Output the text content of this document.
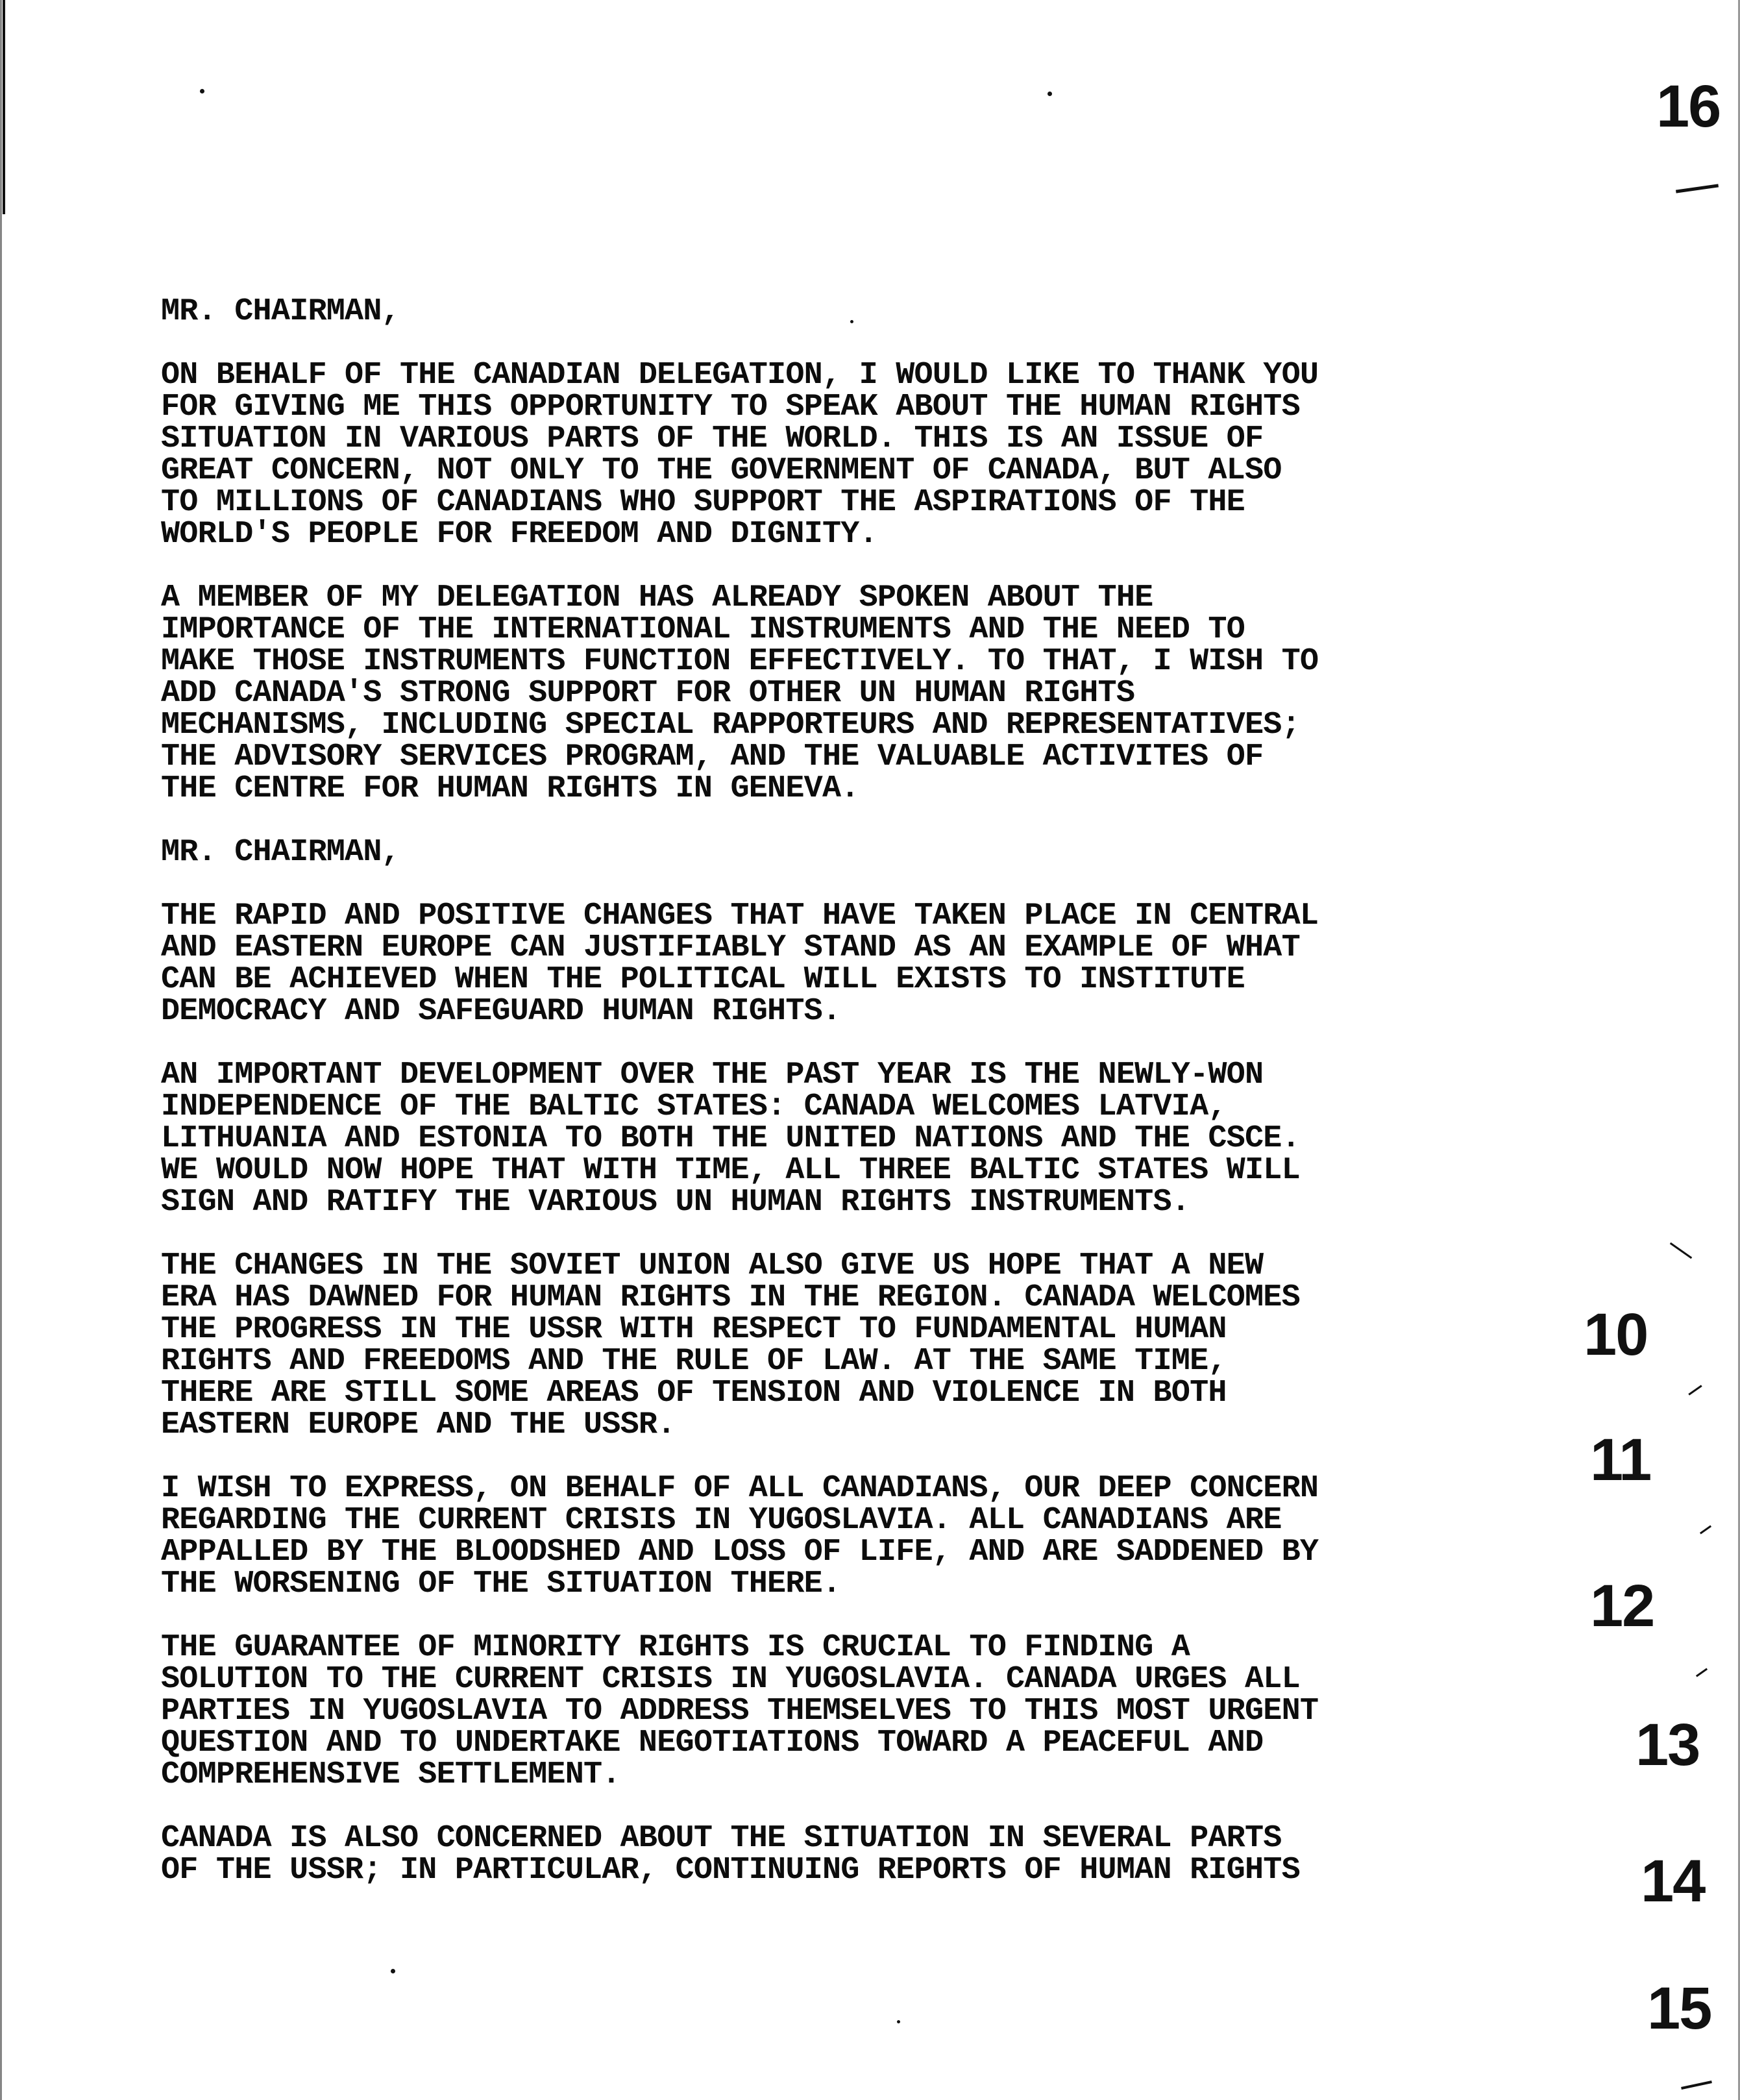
16
10
11
12
13
14
15

MR. CHAIRMAN,

ON BEHALF OF THE CANADIAN DELEGATION, I WOULD LIKE TO THANK YOU
FOR GIVING ME THIS OPPORTUNITY TO SPEAK ABOUT THE HUMAN RIGHTS
SITUATION IN VARIOUS PARTS OF THE WORLD. THIS IS AN ISSUE OF
GREAT CONCERN, NOT ONLY TO THE GOVERNMENT OF CANADA, BUT ALSO
TO MILLIONS OF CANADIANS WHO SUPPORT THE ASPIRATIONS OF THE
WORLD'S PEOPLE FOR FREEDOM AND DIGNITY.

A MEMBER OF MY DELEGATION HAS ALREADY SPOKEN ABOUT THE
IMPORTANCE OF THE INTERNATIONAL INSTRUMENTS AND THE NEED TO
MAKE THOSE INSTRUMENTS FUNCTION EFFECTIVELY. TO THAT, I WISH TO
ADD CANADA'S STRONG SUPPORT FOR OTHER UN HUMAN RIGHTS
MECHANISMS, INCLUDING SPECIAL RAPPORTEURS AND REPRESENTATIVES;
THE ADVISORY SERVICES PROGRAM, AND THE VALUABLE ACTIVITES OF
THE CENTRE FOR HUMAN RIGHTS IN GENEVA.

MR. CHAIRMAN,

THE RAPID AND POSITIVE CHANGES THAT HAVE TAKEN PLACE IN CENTRAL
AND EASTERN EUROPE CAN JUSTIFIABLY STAND AS AN EXAMPLE OF WHAT
CAN BE ACHIEVED WHEN THE POLITICAL WILL EXISTS TO INSTITUTE
DEMOCRACY AND SAFEGUARD HUMAN RIGHTS.

AN IMPORTANT DEVELOPMENT OVER THE PAST YEAR IS THE NEWLY-WON
INDEPENDENCE OF THE BALTIC STATES: CANADA WELCOMES LATVIA,
LITHUANIA AND ESTONIA TO BOTH THE UNITED NATIONS AND THE CSCE.
WE WOULD NOW HOPE THAT WITH TIME, ALL THREE BALTIC STATES WILL
SIGN AND RATIFY THE VARIOUS UN HUMAN RIGHTS INSTRUMENTS.

THE CHANGES IN THE SOVIET UNION ALSO GIVE US HOPE THAT A NEW
ERA HAS DAWNED FOR HUMAN RIGHTS IN THE REGION. CANADA WELCOMES
THE PROGRESS IN THE USSR WITH RESPECT TO FUNDAMENTAL HUMAN
RIGHTS AND FREEDOMS AND THE RULE OF LAW. AT THE SAME TIME,
THERE ARE STILL SOME AREAS OF TENSION AND VIOLENCE IN BOTH
EASTERN EUROPE AND THE USSR.

I WISH TO EXPRESS, ON BEHALF OF ALL CANADIANS, OUR DEEP CONCERN
REGARDING THE CURRENT CRISIS IN YUGOSLAVIA. ALL CANADIANS ARE
APPALLED BY THE BLOODSHED AND LOSS OF LIFE, AND ARE SADDENED BY
THE WORSENING OF THE SITUATION THERE.

THE GUARANTEE OF MINORITY RIGHTS IS CRUCIAL TO FINDING A
SOLUTION TO THE CURRENT CRISIS IN YUGOSLAVIA. CANADA URGES ALL
PARTIES IN YUGOSLAVIA TO ADDRESS THEMSELVES TO THIS MOST URGENT
QUESTION AND TO UNDERTAKE NEGOTIATIONS TOWARD A PEACEFUL AND
COMPREHENSIVE SETTLEMENT.

CANADA IS ALSO CONCERNED ABOUT THE SITUATION IN SEVERAL PARTS
OF THE USSR; IN PARTICULAR, CONTINUING REPORTS OF HUMAN RIGHTS
